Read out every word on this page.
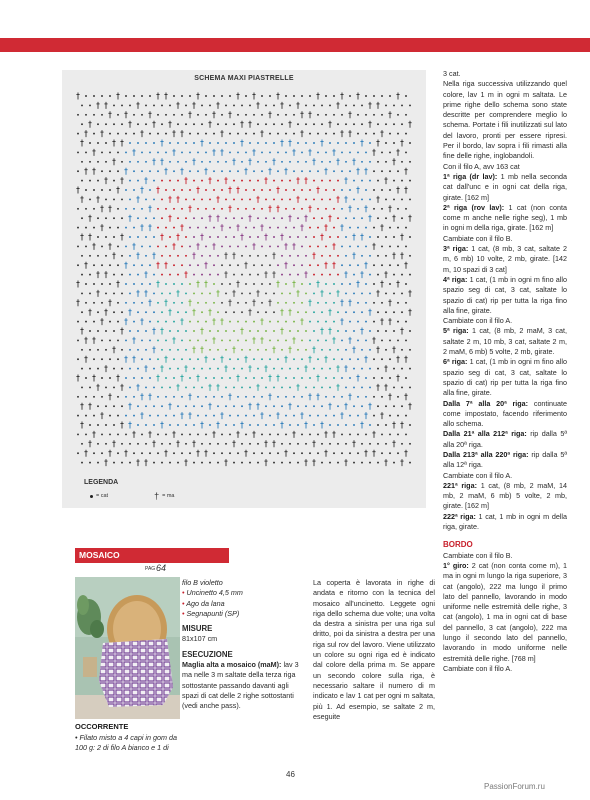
SCHEMA MAXI PIASTRELLE
LEGENDA
= cat	† = ma

3 cat.

Nella riga successiva utilizzando quel colore, lav 1 m in ogni m saltata. Le prime righe dello schema sono state descritte per comprendere meglio lo schema. Portate i fili inutilizzati sul lato del lavoro, pronti per essere ripresi. Per il bordo, lav sopra i fili rimasti alla fine delle righe, inglobandoli.

Con il filo A, avv 163 cat

1ª riga (dr lav): 1 mb nella seconda cat dall'unc e in ogni cat della riga, girate. [162 m]

2ª riga (rov lav): 1 cat (non conta come m anche nelle righe seg), 1 mb in ogni m della riga, girate. [162 m]

Cambiate con il filo B.

3ª riga: 1 cat, (8 mb, 3 cat, saltate 2 m, 6 mb) 10 volte, 2 mb, girate. [142 m, 10 spazi di 3 cat]

4ª riga: 1 cat, (1 mb in ogni m fino allo spazio seg di cat, 3 cat, saltate lo spazio di cat) rip per tutta la riga fino alla fine, girate.

Cambiate con il filo A.

5ª riga: 1 cat, (8 mb, 2 maM, 3 cat, saltate 2 m, 10 mb, 3 cat, saltate 2 m, 2 maM, 6 mb) 5 volte, 2 mb, girate.

6ª riga: 1 cat, (1 mb in ogni m fino allo spazio seg di cat, 3 cat, saltate lo spazio di cat) rip per tutta la riga fino alla fine, girate.

Dalla 7ª alla 20ª riga: continuate come impostato, facendo riferimento allo schema.

Dalla 21ª alla 212ª riga: rip dalla 5ª alla 20ª riga.

Dalla 213ª alla 220ª riga: rip dalla 5ª alla 12ª riga.

Cambiate con il filo A.

221ª riga: 1 cat, (8 mb, 2 maM, 14 mb, 2 maM, 6 mb) 5 volte, 2 mb, girate. [162 m]

222ª riga: 1 cat, 1 mb in ogni m della riga, girate.

BORDO

Cambiate con il filo B.

1° giro: 2 cat (non conta come m), 1 ma in ogni m lungo la riga superiore, 3 cat (angolo), 222 ma lungo il primo lato del pannello, lavorando in modo uniforme nelle estremità delle righe, 3 cat (angolo), 1 ma in ogni cat di base del pannello, 3 cat (angolo), 222 ma lungo il secondo lato del pannello, lavorando in modo uniforme nelle estremità delle righe. [768 m]

Cambiate con il filo A.

MOSAICO
PAG 64
OCCORRENTE
• Filato misto a 4 capi in gom da 100 g: 2 di filo A bianco e 1 di
filo B violetto
• Uncinetto 4,5 mm
• Ago da lana
• Segnapunti (SP)
MISURE
81x107 cm
ESECUZIONE
Maglia alta a mosaico (maM): lav 3 ma nelle 3 m saltate della terza riga sottostante passando davanti agli spazi di cat delle 2 righe sottostanti (vedi anche pass).
La coperta è lavorata in righe di andata e ritorno con la tecnica del mosaico all'uncinetto. Leggete ogni riga dello schema due volte; una volta da destra a sinistra per una riga sul dritto, poi da sinistra a destra per una riga sul rov del lavoro. Viene utilizzato un colore su ogni riga ed è indicato dal colore della prima m. Se appare un secondo colore sulla riga, è necessario saltare il numero di m indicato e lav 1 cat per ogni m saltata, più 1. Ad esempio, se saltate 2 m, eseguite
46
PassionForum.ru
